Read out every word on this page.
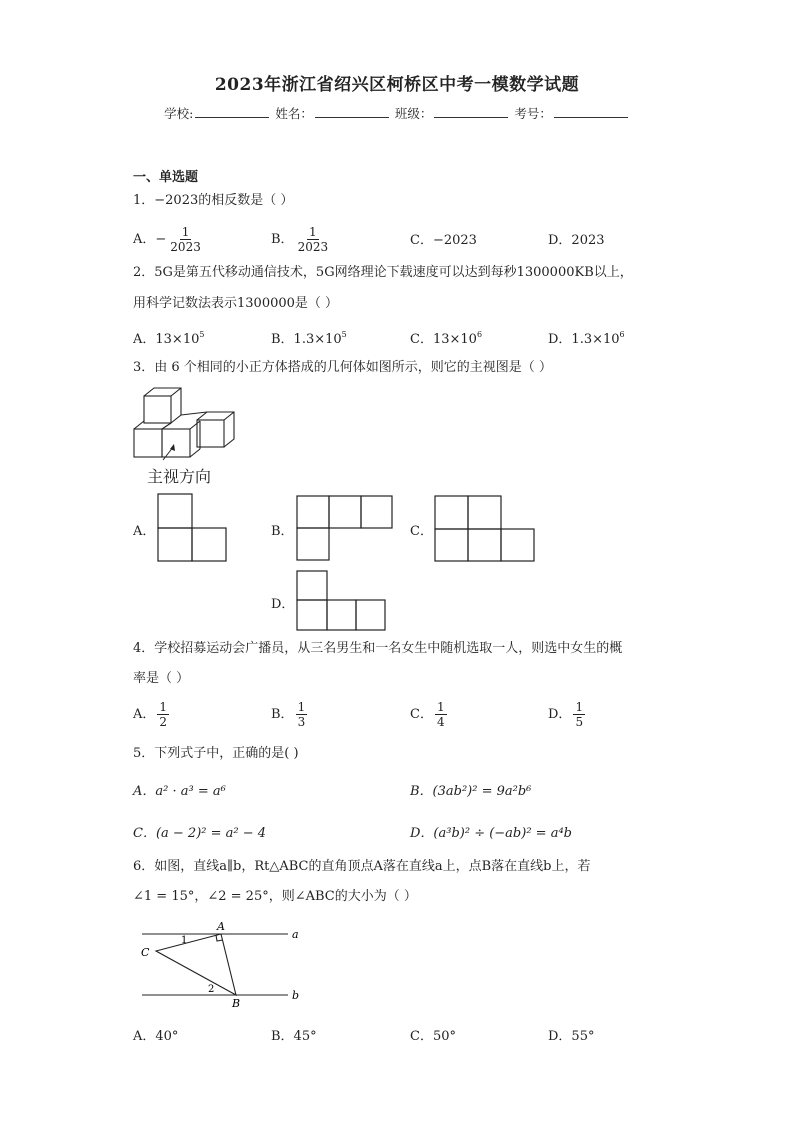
2023年浙江省绍兴区柯桥区中考一模数学试题
学校:	姓名：	班级：	考号：
一、单选题
1．−2023的相反数是（ ）
A．− $\frac{1}{2023}$	B． $\frac{1}{2023}$	C．−2023	D．2023
2．5G是第五代移动通信技术，5G网络理论下载速度可以达到每秒1300000KB以上，
用科学记数法表示1300000是（ ）
A．$13\times 10^5$	B．$1.3\times 10^5$	C．$13\times 10^6$	D．$1.3\times 10^6$
3．由 6 个相同的小正方体搭成的几何体如图所示，则它的主视图是（ ）
主视方向
A．	B．	C．
D．
4．学校招募运动会广播员，从三名男生和一名女生中随机选取一人，则选中女生的概
率是（ ）
A． $\frac{1}{2}$	B． $\frac{1}{3}$	C． $\frac{1}{4}$	D． $\frac{1}{5}$
5．下列式子中，正确的是( )
A．a² · a³ = a⁶	B．(3ab²)² = 9a²b⁶
C．(a − 2)² = a² − 4	D．(a³b)² ÷ (−ab)² = a⁴b
6．如图，直线a∥b，Rt△ABC的直角顶点A落在直线a上，点B落在直线b上，若
∠1 = 15°，∠2 = 25°，则∠ABC的大小为（ ）
a
b
A
B
C
1
2
A．40°	B．45°	C．50°	D．55°
